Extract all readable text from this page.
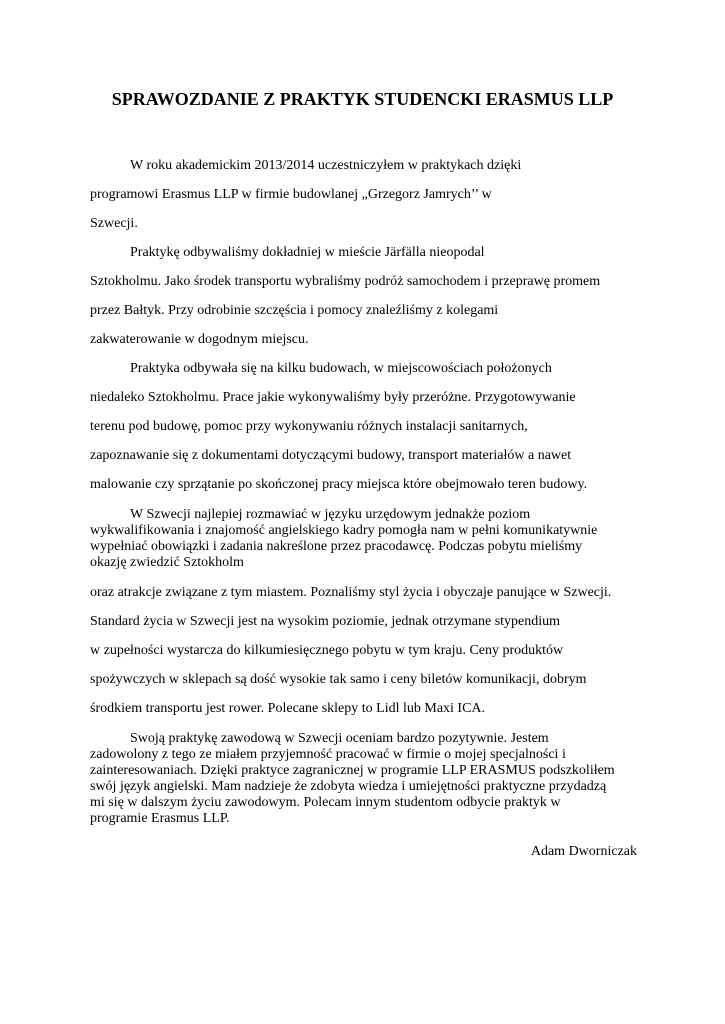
SPRAWOZDANIE Z PRAKTYK STUDENCKI ERASMUS LLP
W roku akademickim 2013/2014 uczestniczyłem w praktykach dzięki
programowi Erasmus LLP w firmie budowlanej „Grzegorz Jamrych’’ w
Szwecji.
Praktykę odbywaliśmy dokładniej w mieście Järfälla nieopodal
Sztokholmu. Jako środek transportu wybraliśmy podróż samochodem i przeprawę promem
przez Bałtyk. Przy odrobinie szczęścia i pomocy znaleźliśmy z kolegami
zakwaterowanie w dogodnym miejscu.
Praktyka odbywała się na kilku budowach, w miejscowościach położonych
niedaleko Sztokholmu. Prace jakie wykonywaliśmy były przeróżne. Przygotowywanie
terenu pod budowę, pomoc przy wykonywaniu różnych instalacji sanitarnych,
zapoznawanie się z dokumentami dotyczącymi budowy, transport materiałów a nawet
malowanie czy sprzątanie po skończonej pracy miejsca które obejmowało teren budowy.
W Szwecji najlepiej rozmawiać w języku urzędowym jednakże poziom
wykwalifikowania i znajomość angielskiego kadry pomogła nam w pełni komunikatywnie
wypełniać obowiązki i zadania nakreślone przez pracodawcę. Podczas pobytu mieliśmy
okazję zwiedzić Sztokholm
oraz atrakcje związane z tym miastem. Poznaliśmy styl życia i obyczaje panujące w Szwecji.
Standard życia w Szwecji jest na wysokim poziomie, jednak otrzymane stypendium
w zupełności wystarcza do kilkumiesięcznego pobytu w tym kraju. Ceny produktów
spożywczych w sklepach są dość wysokie tak samo i ceny biletów komunikacji, dobrym
środkiem transportu jest rower. Polecane sklepy to Lidl lub Maxi ICA.
Swoją praktykę zawodową w Szwecji oceniam bardzo pozytywnie. Jestem
zadowolony z tego ze miałem przyjemność pracować w firmie o mojej specjalności i
zainteresowaniach. Dzięki praktyce zagranicznej w programie LLP ERASMUS podszkoliłem
swój język angielski. Mam nadzieje że zdobyta wiedza i umiejętności praktyczne przydadzą
mi się w dalszym życiu zawodowym. Polecam innym studentom odbycie praktyk w
programie Erasmus LLP.
Adam Dworniczak
